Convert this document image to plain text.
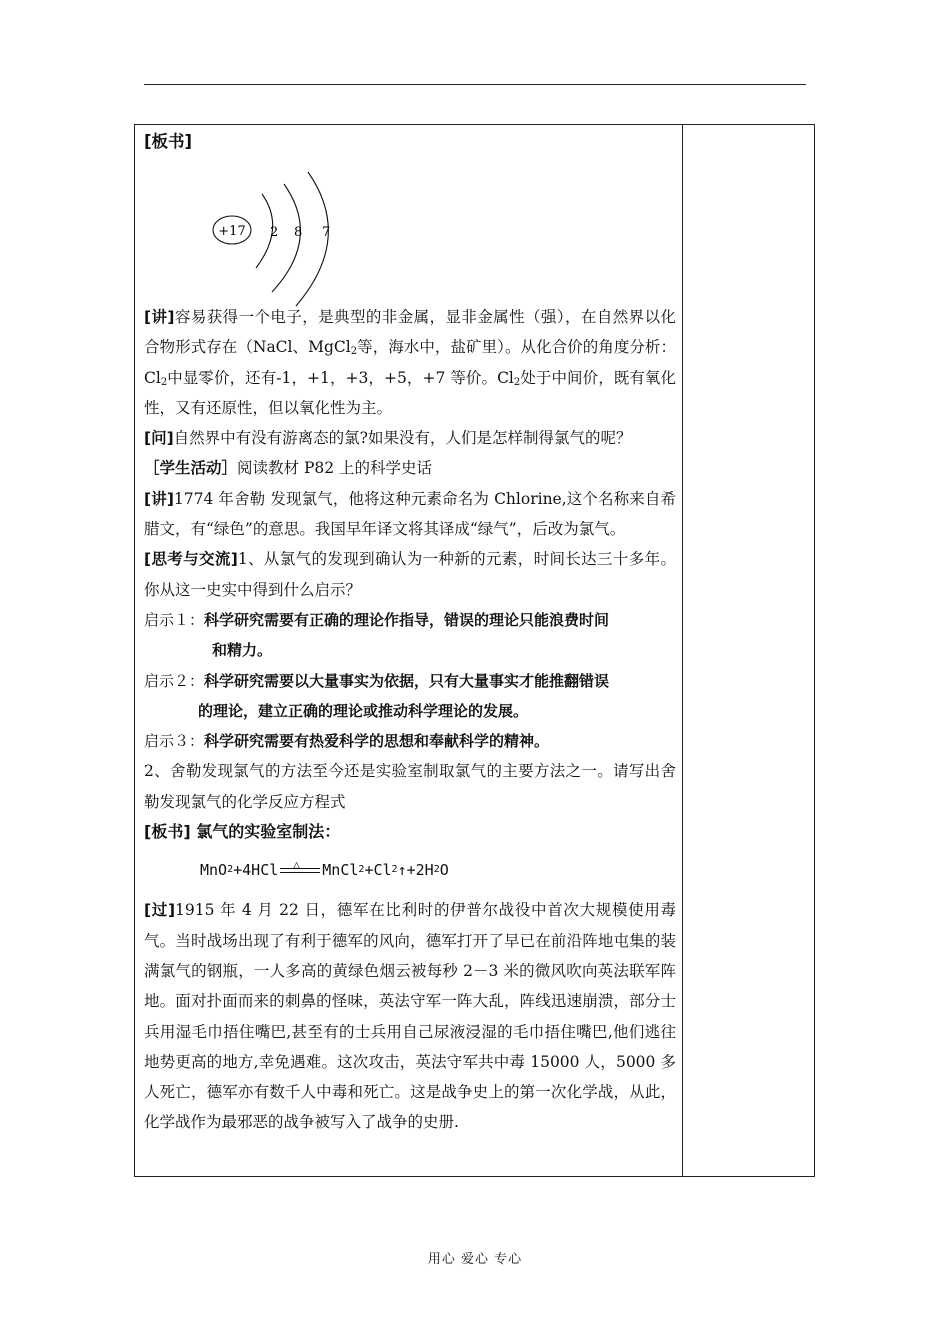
[板书]
+17 2 8 7

[讲]容易获得一个电子，是典型的非金属，显非金属性（强），在自然界以化合物形式存在（NaCl、MgCl$_2$等，海水中，盐矿里）。从化合价的角度分析：$Cl_2$中显零价，还有-1，+1，+3，+5，+7 等价。$Cl_2$处于中间价，既有氧化性，又有还原性，但以氧化性为主。

[问]自然界中有没有游离态的氯?如果没有，人们是怎样制得氯气的呢？

［学生活动］阅读教材 P82 上的科学史话

[讲]1774 年舍勒 发现氯气，他将这种元素命名为 Chlorine,这个名称来自希腊文，有“绿色”的意思。我国早年译文将其译成“绿气”，后改为氯气。

[思考与交流]1、从氯气的发现到确认为一种新的元素，时间长达三十多年。你从这一史实中得到什么启示？

启示１： 科学研究需要有正确的理论作指导，错误的理论只能浪费时间
和精力。
启示２： 科学研究需要以大量事实为依据，只有大量事实才能推翻错误
的理论，建立正确的理论或推动科学理论的发展。
启示３： 科学研究需要有热爱科学的思想和奉献科学的精神。

2、舍勒发现氯气的方法至今还是实验室制取氯气的主要方法之一。请写出舍勒发现氯气的化学反应方程式

[板书] 氯气的实验室制法：

MnO 2 +4HCl △ MnCl 2 +Cl 2 ↑+2H 2 O

[过]1915 年 4 月 22 日，德军在比利时的伊普尔战役中首次大规模使用毒气。当时战场出现了有利于德军的风向，德军打开了早已在前沿阵地屯集的装满氯气的钢瓶，一人多高的黄绿色烟云被每秒 2－3 米的微风吹向英法联军阵地。面对扑面而来的刺鼻的怪味，英法守军一阵大乱，阵线迅速崩溃，部分士兵用湿毛巾捂住嘴巴,甚至有的士兵用自己尿液浸湿的毛巾捂住嘴巴,他们逃往地势更高的地方,幸免遇难。这次攻击，英法守军共中毒 15000 人，5000 多人死亡，德军亦有数千人中毒和死亡。这是战争史上的第一次化学战，从此，化学战作为最邪恶的战争被写入了战争的史册.

用心 爱心 专心
